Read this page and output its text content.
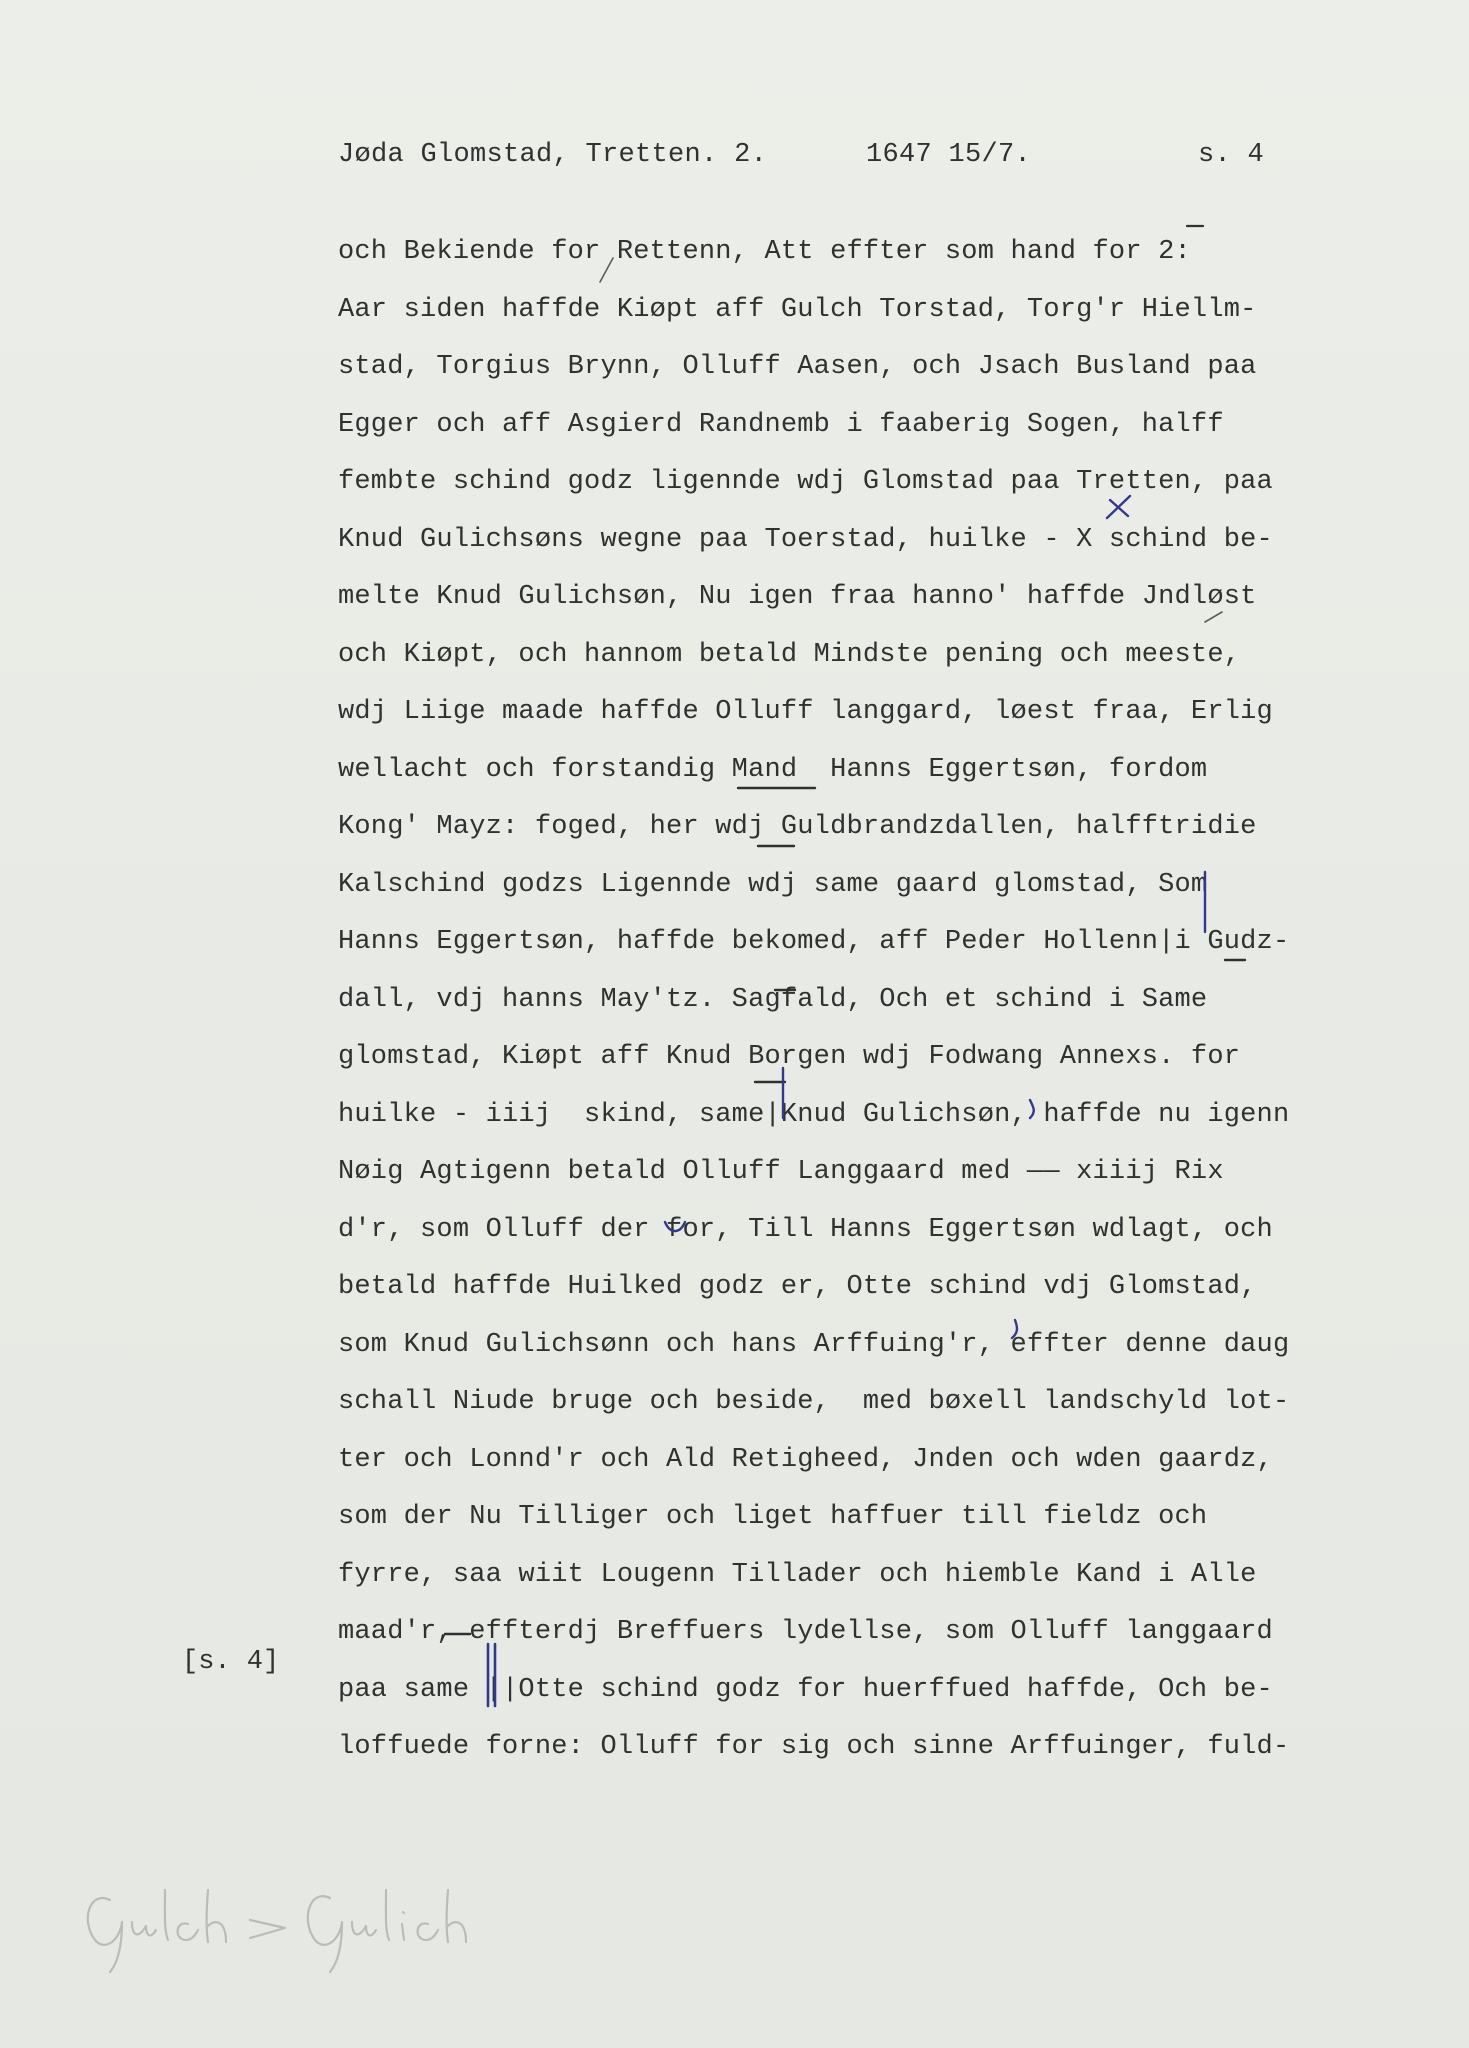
Jøda Glomstad, Tretten. 2.	1647 15/7.	s. 4
och Bekiende for Rettenn, Att effter som hand for 2:
Aar siden haffde Kiøpt aff Gulch Torstad, Torg'r Hiellm-
stad, Torgius Brynn, Olluff Aasen, och Jsach Busland paa
Egger och aff Asgierd Randnemb i faaberig Sogen, halff
fembte schind godz ligennde wdj Glomstad paa Tretten, paa
Knud Gulichsøns wegne paa Toerstad, huilke - X schind be-
melte Knud Gulichsøn, Nu igen fraa hanno' haffde Jndløst
och Kiøpt, och hannom betald Mindste pening och meeste,
wdj Liige maade haffde Olluff langgard, løest fraa, Erlig
wellacht och forstandig Mand  Hanns Eggertsøn, fordom
Kong' Mayz: foged, her wdj Guldbrandzdallen, halfftridie
Kalschind godzs Ligennde wdj same gaard glomstad, Som
Hanns Eggertsøn, haffde bekomed, aff Peder Hollenn|i Gudz-
dall, vdj hanns May'tz. Sagfald, Och et schind i Same
glomstad, Kiøpt aff Knud Borgen wdj Fodwang Annexs. for
huilke - iiij  skind, same|Knud Gulichsøn, haffde nu igenn
Nøig Agtigenn betald Olluff Langgaard med —— xiiij Rix
d'r, som Olluff der for, Till Hanns Eggertsøn wdlagt, och
betald haffde Huilked godz er, Otte schind vdj Glomstad,
som Knud Gulichsønn och hans Arffuing'r, effter denne daug
schall Niude bruge och beside,  med bøxell landschyld lot-
ter och Lonnd'r och Ald Retigheed, Jnden och wden gaardz,
som der Nu Tilliger och liget haffuer till fieldz och
fyrre, saa wiit Lougenn Tillader och hiemble Kand i Alle
maad'r, effterdj Breffuers lydellse, som Olluff langgaard
paa same ||Otte schind godz for huerffued haffde, Och be-
loffuede forne: Olluff for sig och sinne Arffuinger, fuld-
[s. 4]
